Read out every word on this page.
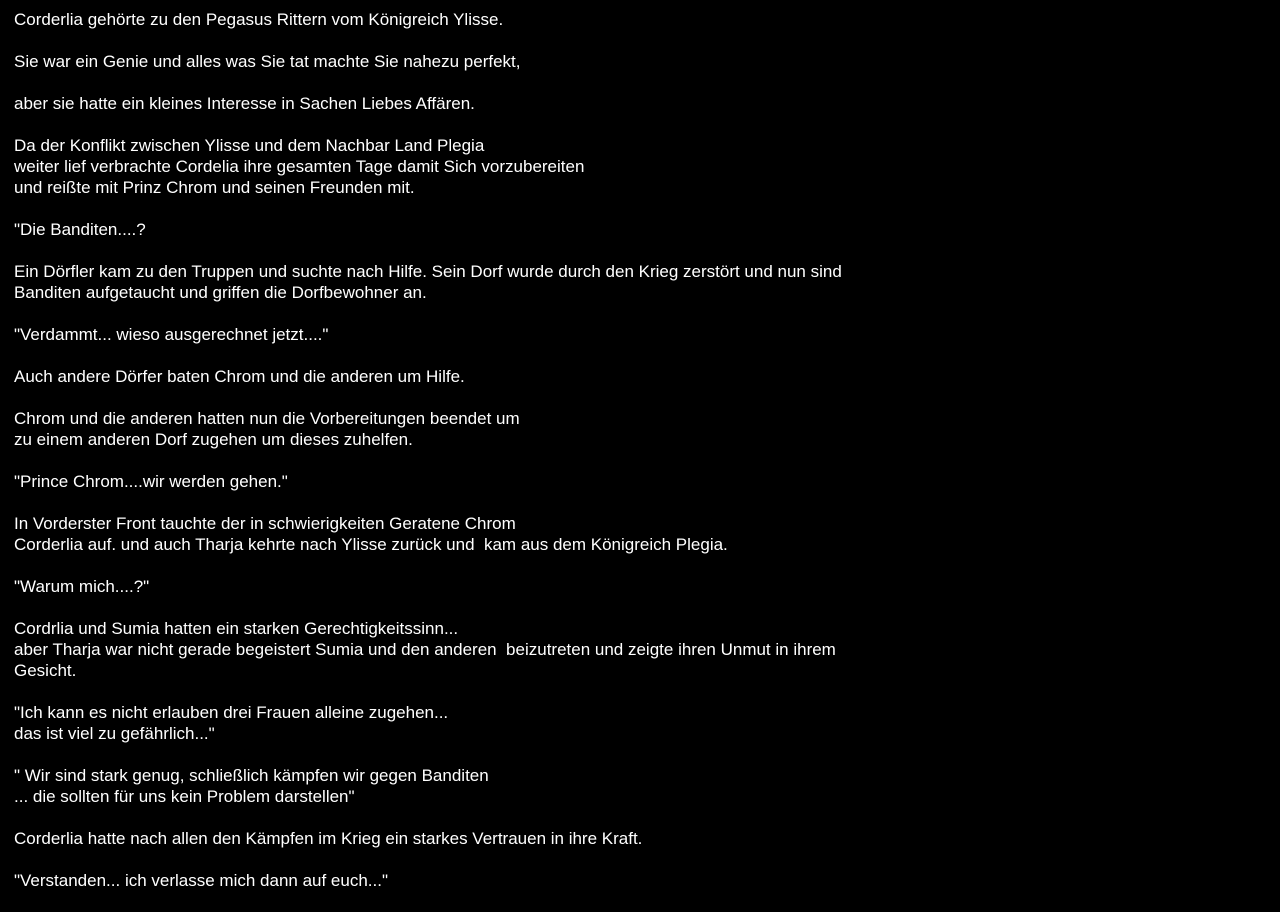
Corderlia gehörte zu den Pegasus Rittern vom Königreich Ylisse.

Sie war ein Genie und alles was Sie tat machte Sie nahezu perfekt,

aber sie hatte ein kleines Interesse in Sachen Liebes Affären.

Da der Konflikt zwischen Ylisse und dem Nachbar Land Plegia
weiter lief verbrachte Cordelia ihre gesamten Tage damit Sich vorzubereiten
und reißte mit Prinz Chrom und seinen Freunden mit.

"Die Banditen....?

Ein Dörfler kam zu den Truppen und suchte nach Hilfe. Sein Dorf wurde durch den Krieg zerstört und nun sind
Banditen aufgetaucht und griffen die Dorfbewohner an.

"Verdammt... wieso ausgerechnet jetzt...."

Auch andere Dörfer baten Chrom und die anderen um Hilfe.

Chrom und die anderen hatten nun die Vorbereitungen beendet um
zu einem anderen Dorf zugehen um dieses zuhelfen.

"Prince Chrom....wir werden gehen."

In Vorderster Front tauchte der in schwierigkeiten Geratene Chrom
Corderlia auf. und auch Tharja kehrte nach Ylisse zurück und  kam aus dem Königreich Plegia.

"Warum mich....?"

Cordrlia und Sumia hatten ein starken Gerechtigkeitssinn...
aber Tharja war nicht gerade begeistert Sumia und den anderen  beizutreten und zeigte ihren Unmut in ihrem
Gesicht.

"Ich kann es nicht erlauben drei Frauen alleine zugehen...
das ist viel zu gefährlich..."

" Wir sind stark genug, schließlich kämpfen wir gegen Banditen
... die sollten für uns kein Problem darstellen"

Corderlia hatte nach allen den Kämpfen im Krieg ein starkes Vertrauen in ihre Kraft.

"Verstanden... ich verlasse mich dann auf euch..."
